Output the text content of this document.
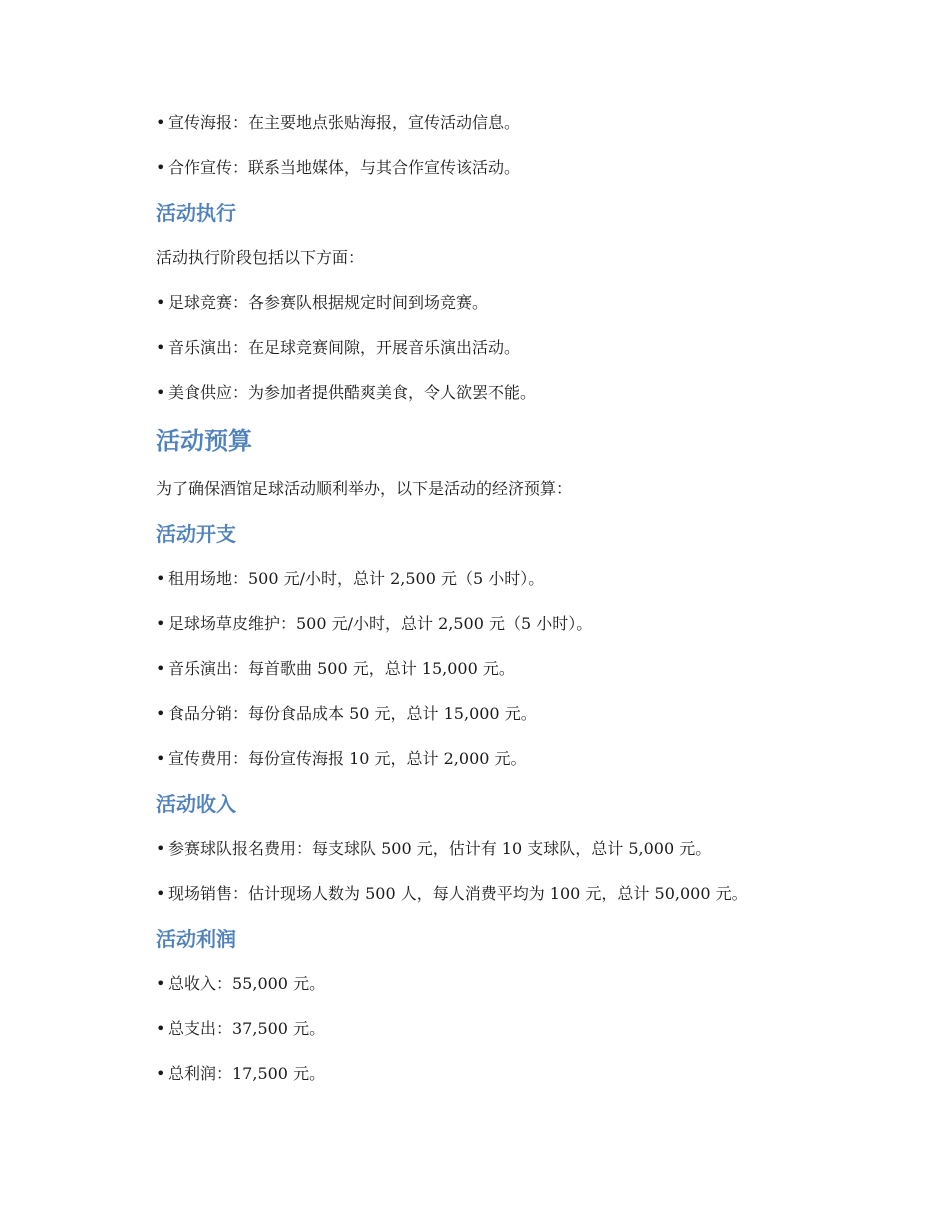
• 宣传海报：在主要地点张贴海报，宣传活动信息。
• 合作宣传：联系当地媒体，与其合作宣传该活动。
活动执行
活动执行阶段包括以下方面：
• 足球竞赛：各参赛队根据规定时间到场竞赛。
• 音乐演出：在足球竞赛间隙，开展音乐演出活动。
• 美食供应：为参加者提供酷爽美食，令人欲罢不能。
活动预算
为了确保酒馆足球活动顺利举办，以下是活动的经济预算：
活动开支
• 租用场地：500 元/小时，总计 2,500 元（5 小时）。
• 足球场草皮维护：500 元/小时，总计 2,500 元（5 小时）。
• 音乐演出：每首歌曲 500 元，总计 15,000 元。
• 食品分销：每份食品成本 50 元，总计 15,000 元。
• 宣传费用：每份宣传海报 10 元，总计 2,000 元。
活动收入
• 参赛球队报名费用：每支球队 500 元，估计有 10 支球队，总计 5,000 元。
• 现场销售：估计现场人数为 500 人，每人消费平均为 100 元，总计 50,000 元。
活动利润
• 总收入：55,000 元。
• 总支出：37,500 元。
• 总利润：17,500 元。
